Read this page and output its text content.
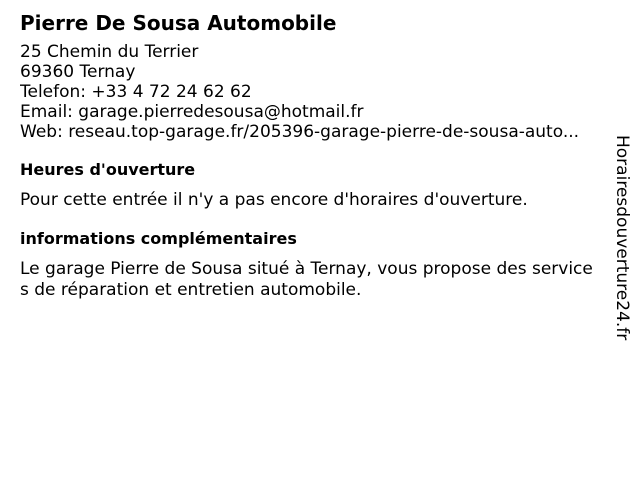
Pierre De Sousa Automobile
25 Chemin du Terrier
69360 Ternay
Telefon: +33 4 72 24 62 62
Email: garage.pierredesousa@hotmail.fr
Web: reseau.top-garage.fr/205396-garage-pierre-de-sousa-auto...
Heures d'ouverture
Pour cette entrée il n'y a pas encore d'horaires d'ouverture.
informations complémentaires
Le garage Pierre de Sousa situé à Ternay, vous propose des services de réparation et entretien automobile.	Horairesdouverture24.fr
